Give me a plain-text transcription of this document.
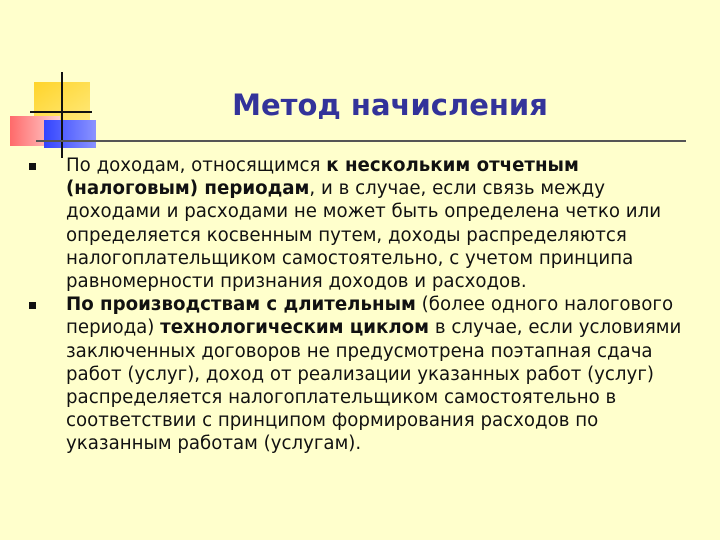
Метод начисления
По доходам, относящимся к нескольким отчетным (налоговым) периодам, и в случае, если связь между доходами и расходами не может быть определена четко или определяется косвенным путем, доходы распределяются налогоплательщиком самостоятельно, с учетом принципа равномерности признания доходов и расходов.
По производствам с длительным (более одного налогового периода) технологическим циклом в случае, если условиями заключенных договоров не предусмотрена поэтапная сдача работ (услуг), доход от реализации указанных работ (услуг) распределяется налогоплательщиком самостоятельно в соответствии с принципом формирования расходов по указанным работам (услугам).
